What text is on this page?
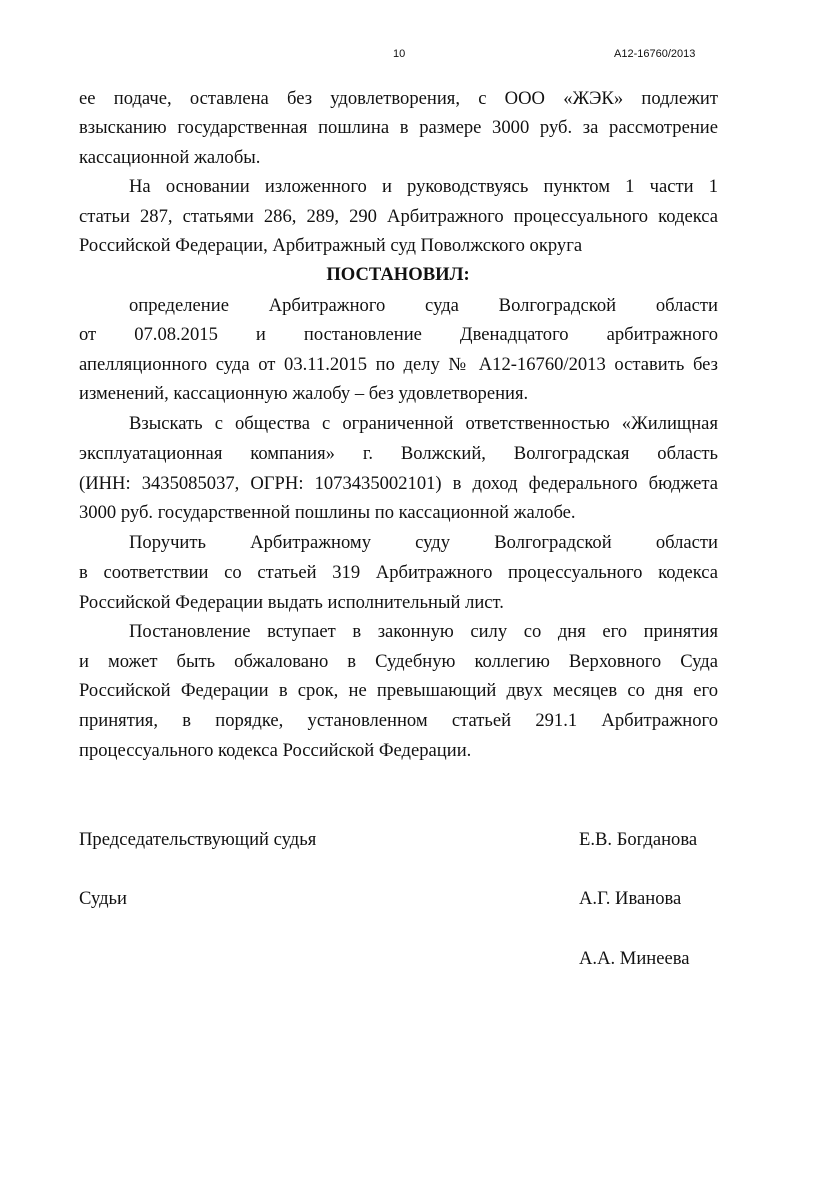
10	А12-16760/2013
ее подаче, оставлена без удовлетворения, с ООО «ЖЭК» подлежит
взысканию государственная пошлина в размере 3000 руб. за рассмотрение
кассационной жалобы.
На основании изложенного и руководствуясь пунктом 1 части 1
статьи 287, статьями 286, 289, 290 Арбитражного процессуального кодекса
Российской Федерации, Арбитражный суд Поволжского округа
ПОСТАНОВИЛ:
определение Арбитражного суда Волгоградской области
от 07.08.2015 и постановление Двенадцатого арбитражного
апелляционного суда от 03.11.2015 по делу № А12-16760/2013 оставить без
изменений, кассационную жалобу – без удовлетворения.
Взыскать с общества с ограниченной ответственностью «Жилищная
эксплуатационная компания» г. Волжский, Волгоградская область
(ИНН: 3435085037, ОГРН: 1073435002101) в доход федерального бюджета
3000 руб. государственной пошлины по кассационной жалобе.
Поручить Арбитражному суду Волгоградской области
в соответствии со статьей 319 Арбитражного процессуального кодекса
Российской Федерации выдать исполнительный лист.
Постановление вступает в законную силу со дня его принятия
и может быть обжаловано в Судебную коллегию Верховного Суда
Российской Федерации в срок, не превышающий двух месяцев со дня его
принятия, в порядке, установленном статьей 291.1 Арбитражного
процессуального кодекса Российской Федерации.
Председательствующий судья	Е.В. Богданова
Судьи	А.Г. Иванова
А.А. Минеева
